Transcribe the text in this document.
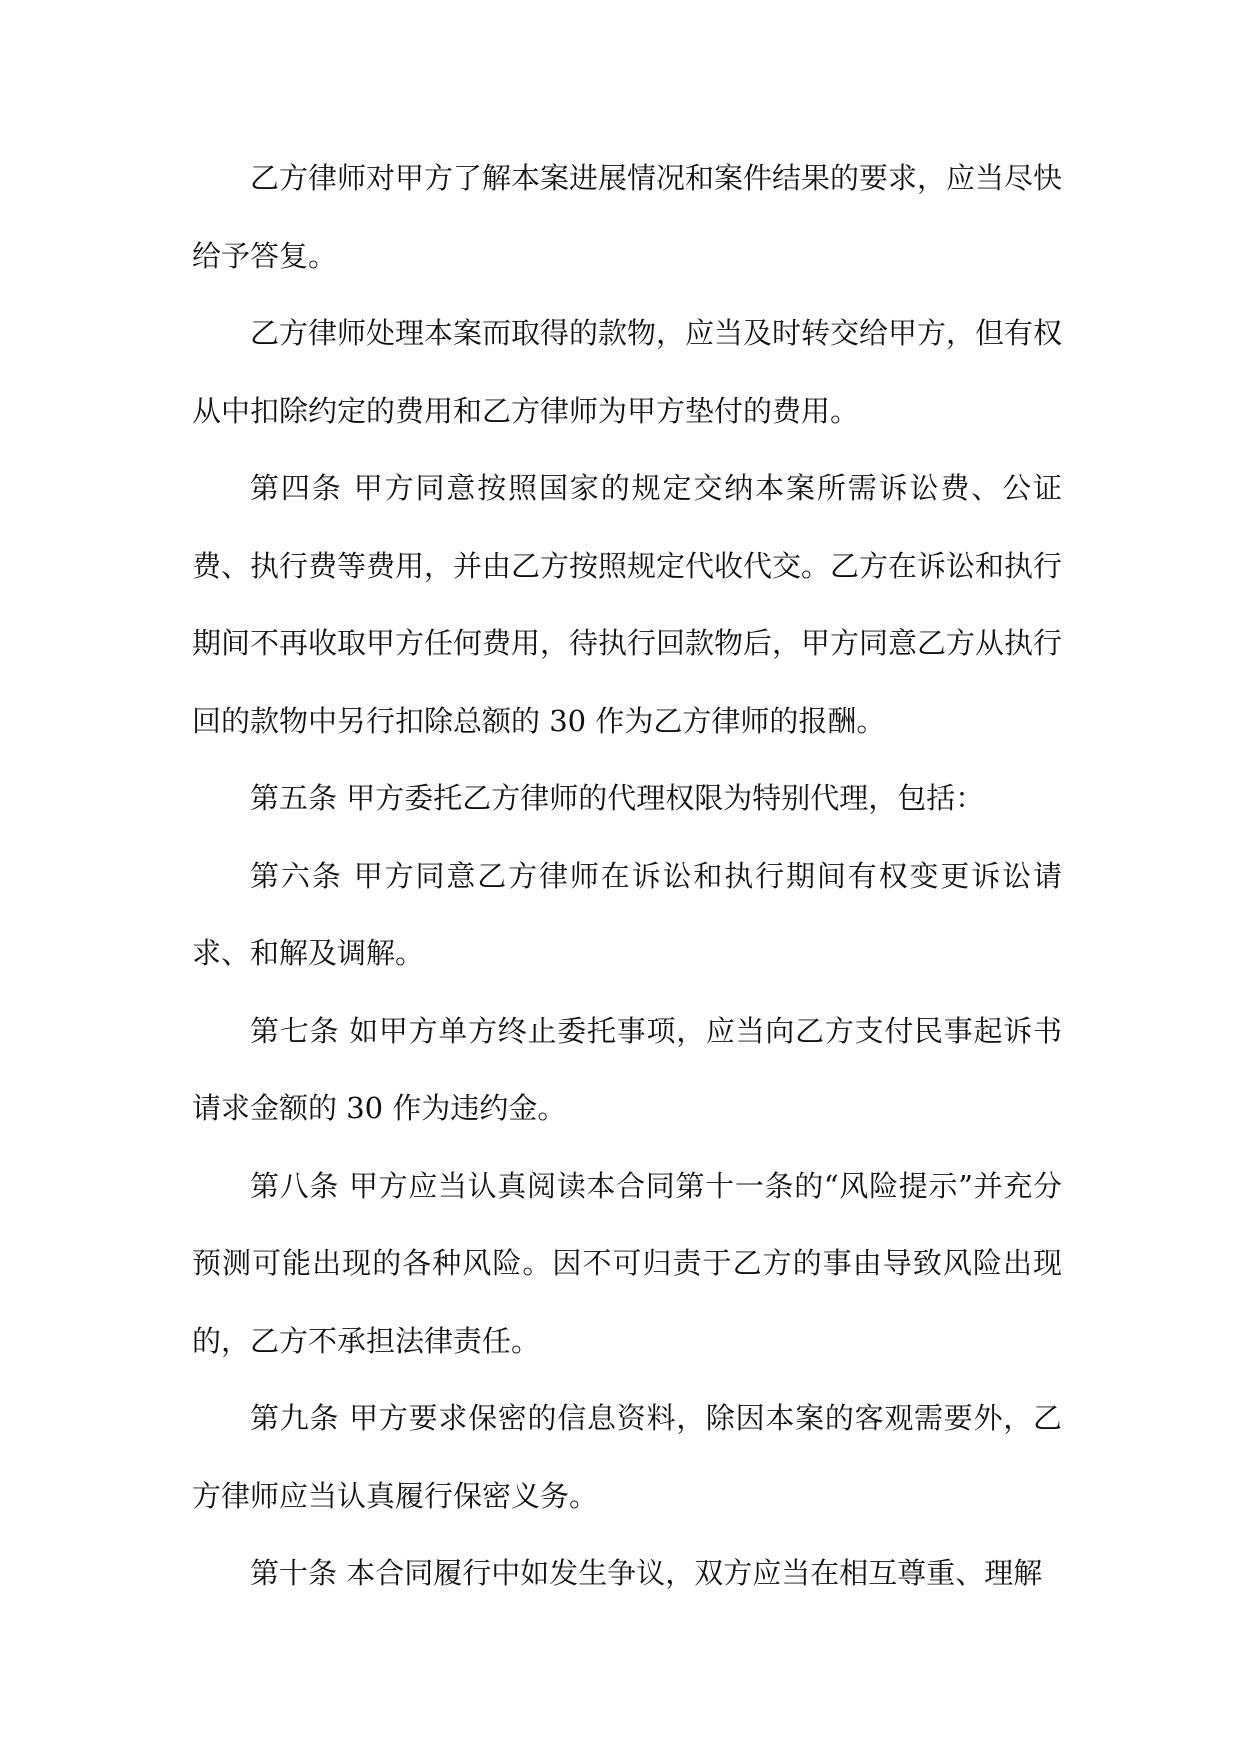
乙方律师对甲方了解本案进展情况和案件结果的要求，应当尽快给予答复。

乙方律师处理本案而取得的款物，应当及时转交给甲方，但有权从中扣除约定的费用和乙方律师为甲方垫付的费用。

第四条 甲方同意按照国家的规定交纳本案所需诉讼费、公证费、执行费等费用，并由乙方按照规定代收代交。乙方在诉讼和执行期间不再收取甲方任何费用，待执行回款物后，甲方同意乙方从执行回的款物中另行扣除总额的 30 作为乙方律师的报酬。

第五条 甲方委托乙方律师的代理权限为特别代理，包括：

第六条 甲方同意乙方律师在诉讼和执行期间有权变更诉讼请求、和解及调解。

第七条 如甲方单方终止委托事项，应当向乙方支付民事起诉书请求金额的 30 作为违约金。

第八条 甲方应当认真阅读本合同第十一条的“风险提示”并充分预测可能出现的各种风险。因不可归责于乙方的事由导致风险出现的，乙方不承担法律责任。

第九条 甲方要求保密的信息资料，除因本案的客观需要外，乙方律师应当认真履行保密义务。

第十条 本合同履行中如发生争议，双方应当在相互尊重、理解
